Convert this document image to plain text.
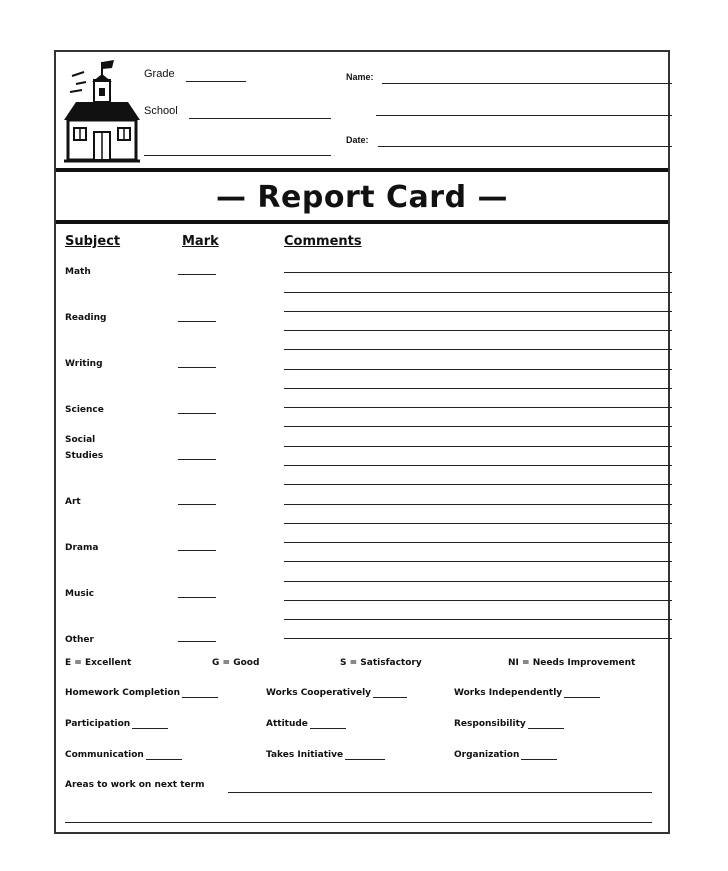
Grade
School
Name:
Date:
— Report Card —
Subject	Mark	Comments
Math
Reading
Writing
Science
Social Studies
Art
Drama
Music
Other
E = Excellent	G = Good	S = Satisfactory	NI = Needs Improvement
Homework Completion	Works Cooperatively	Works Independently
Participation	Attitude	Responsibility
Communication	Takes Initiative	Organization
Areas to work on next term
